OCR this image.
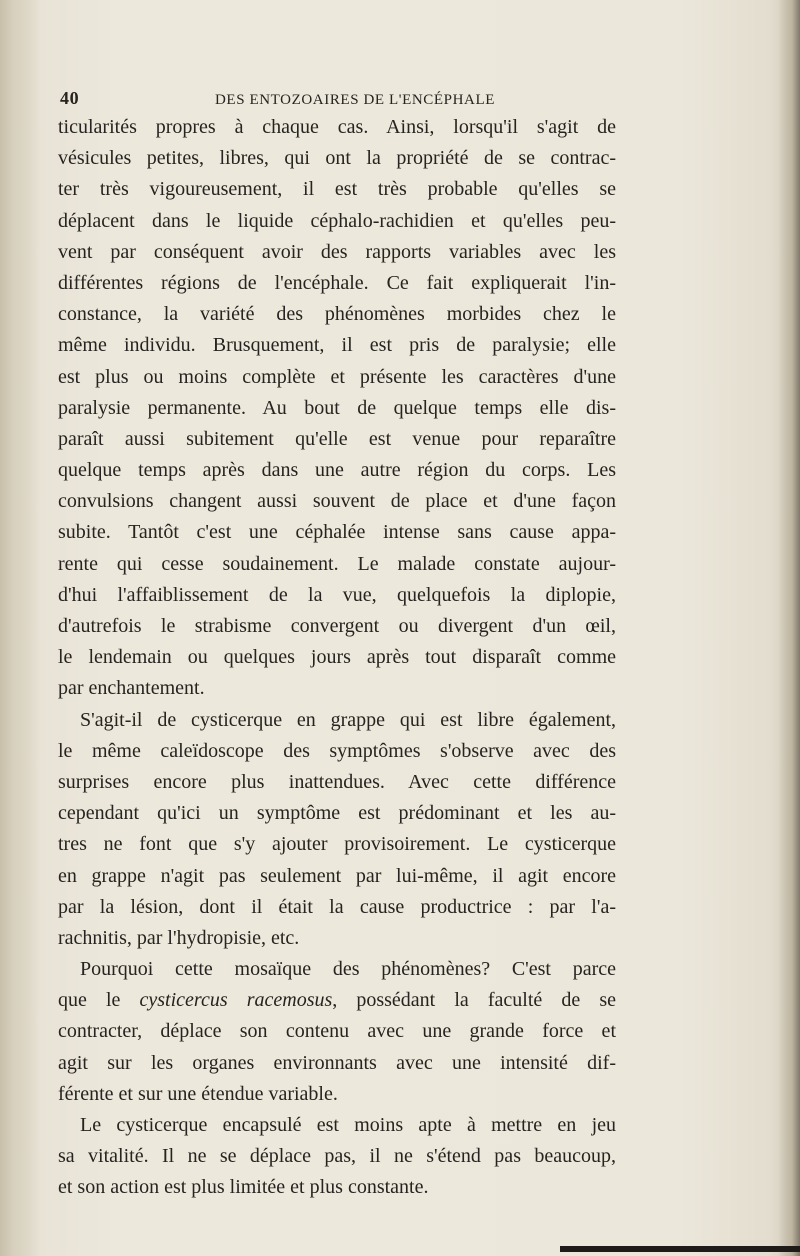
40	DES ENTOZOAIRES DE L'ENCÉPHALE
ticularités propres à chaque cas. Ainsi, lorsqu'il s'agit de
vésicules petites, libres, qui ont la propriété de se contrac-
ter très vigoureusement, il est très probable qu'elles se
déplacent dans le liquide céphalo-rachidien et qu'elles peu-
vent par conséquent avoir des rapports variables avec les
différentes régions de l'encéphale. Ce fait expliquerait l'in-
constance, la variété des phénomènes morbides chez le
même individu. Brusquement, il est pris de paralysie; elle
est plus ou moins complète et présente les caractères d'une
paralysie permanente. Au bout de quelque temps elle dis-
paraît aussi subitement qu'elle est venue pour reparaître
quelque temps après dans une autre région du corps. Les
convulsions changent aussi souvent de place et d'une façon
subite. Tantôt c'est une céphalée intense sans cause appa-
rente qui cesse soudainement. Le malade constate aujour-
d'hui l'affaiblissement de la vue, quelquefois la diplopie,
d'autrefois le strabisme convergent ou divergent d'un œil,
le lendemain ou quelques jours après tout disparaît comme
par enchantement.
S'agit-il de cysticerque en grappe qui est libre également,
le même caleïdoscope des symptômes s'observe avec des
surprises encore plus inattendues. Avec cette différence
cependant qu'ici un symptôme est prédominant et les au-
tres ne font que s'y ajouter provisoirement. Le cysticerque
en grappe n'agit pas seulement par lui-même, il agit encore
par la lésion, dont il était la cause productrice : par l'a-
rachnitis, par l'hydropisie, etc.
Pourquoi cette mosaïque des phénomènes? C'est parce
que le cysticercus racemosus, possédant la faculté de se
contracter, déplace son contenu avec une grande force et
agit sur les organes environnants avec une intensité dif-
férente et sur une étendue variable.
Le cysticerque encapsulé est moins apte à mettre en jeu
sa vitalité. Il ne se déplace pas, il ne s'étend pas beaucoup,
et son action est plus limitée et plus constante.
